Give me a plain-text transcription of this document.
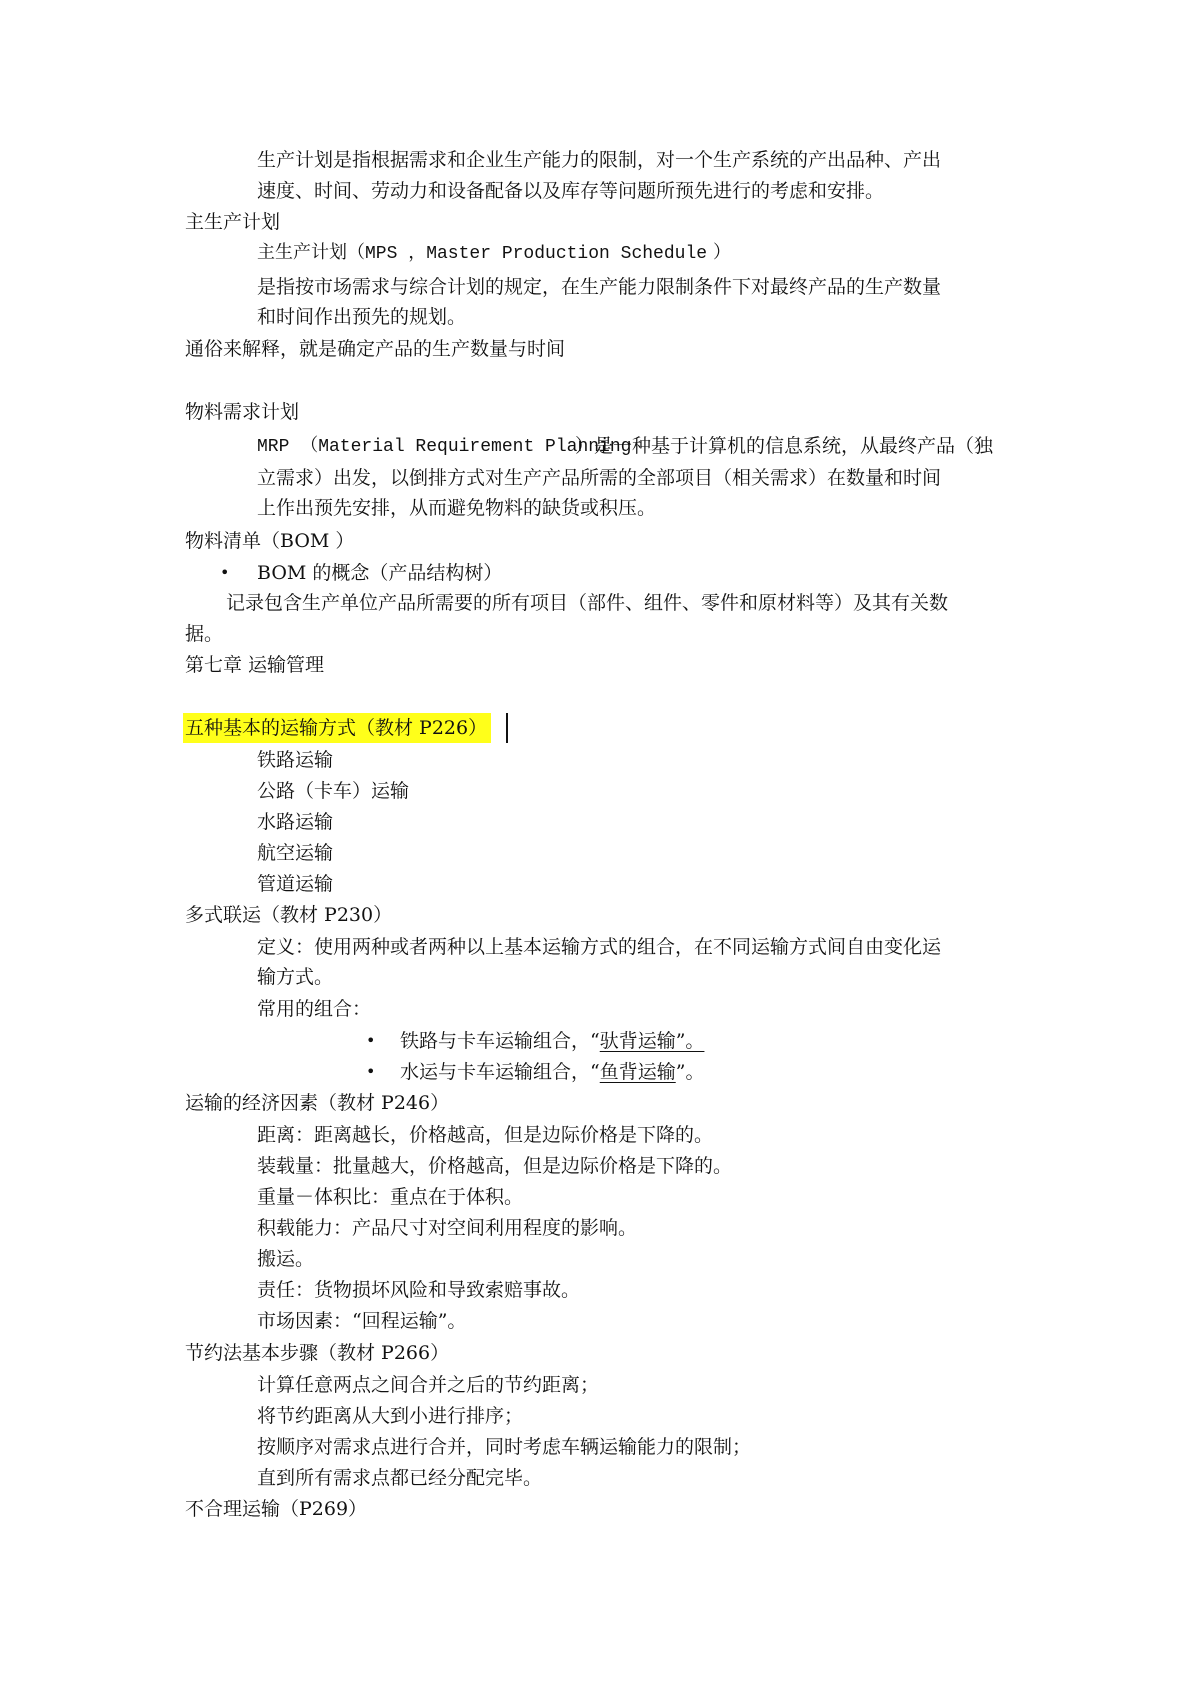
生产计划是指根据需求和企业生产能力的限制，对一个生产系统的产出品种、产出
速度、时间、劳动力和设备配备以及库存等问题所预先进行的考虑和安排。
主生产计划
主生产计划（MPS ，Master Production Schedule ）
是指按市场需求与综合计划的规定，在生产能力限制条件下对最终产品的生产数量
和时间作出预先的规划。
通俗来解释，就是确定产品的生产数量与时间
物料需求计划
MRP （Material Requirement Planning
）是一种基于计算机的信息系统，从最终产品（独
立需求）出发，以倒排方式对生产产品所需的全部项目（相关需求）在数量和时间
上作出预先安排，从而避免物料的缺货或积压。
物料清单（BOM ）
• BOM 的概念（产品结构树）
记录包含生产单位产品所需要的所有项目（部件、组件、零件和原材料等）及其有关数
据。
第七章 运输管理
五种基本的运输方式（教材 P226）
铁路运输
公路（卡车）运输
水路运输
航空运输
管道运输
多式联运（教材 P230）
定义：使用两种或者两种以上基本运输方式的组合，在不同运输方式间自由变化运
输方式。
常用的组合：
• 铁路与卡车运输组合，“驮背运输”。
• 水运与卡车运输组合，“鱼背运输”。
运输的经济因素（教材 P246）
距离：距离越长，价格越高，但是边际价格是下降的。
装载量：批量越大，价格越高，但是边际价格是下降的。
重量－体积比：重点在于体积。
积载能力：产品尺寸对空间利用程度的影响。
搬运。
责任：货物损坏风险和导致索赔事故。
市场因素：“回程运输”。
节约法基本步骤（教材 P266）
计算任意两点之间合并之后的节约距离；
将节约距离从大到小进行排序；
按顺序对需求点进行合并，同时考虑车辆运输能力的限制；
直到所有需求点都已经分配完毕。
不合理运输（P269）
